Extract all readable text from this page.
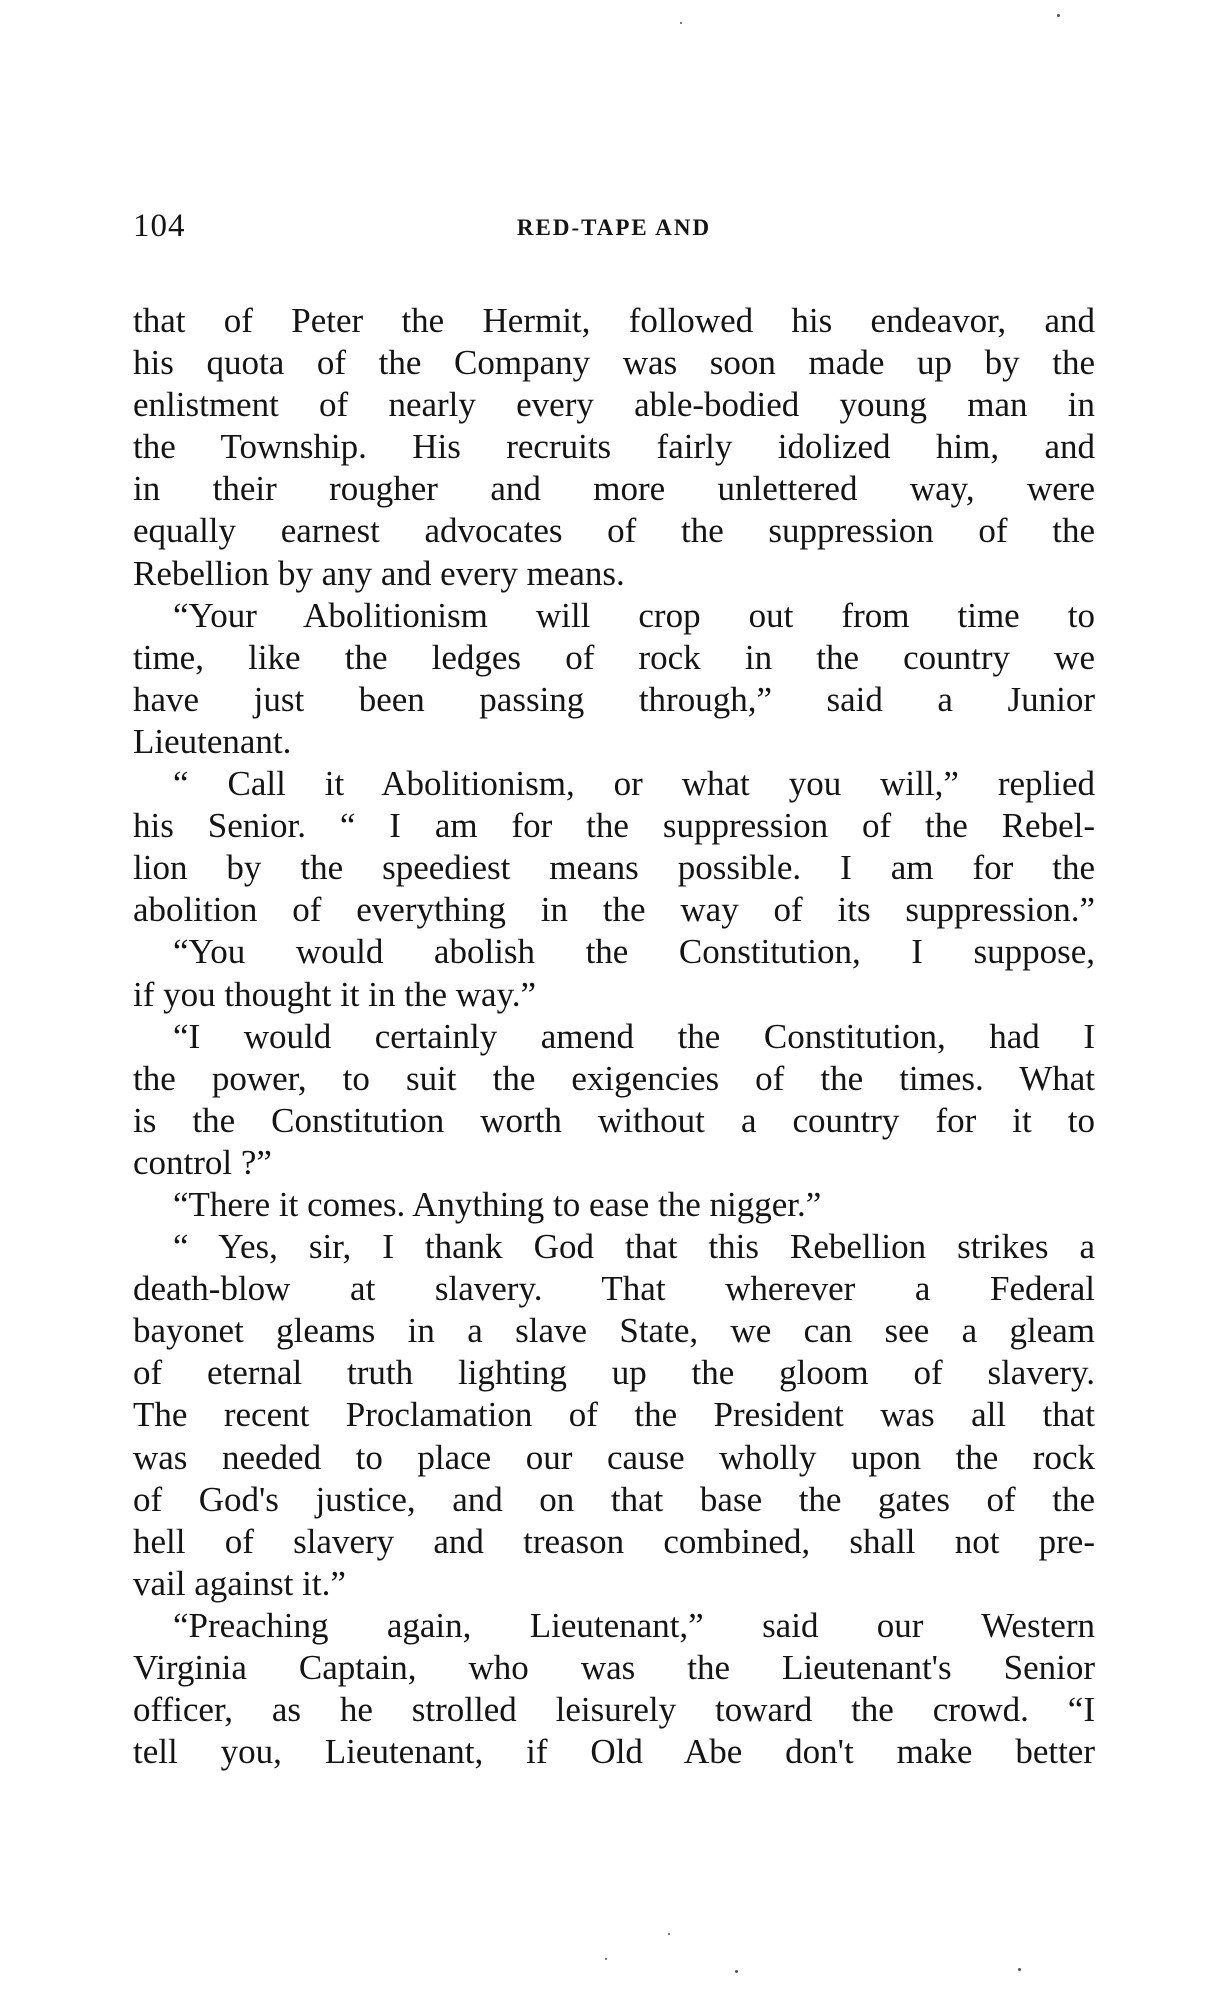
104	RED-TAPE AND
that of Peter the Hermit, followed his endeavor, and
his quota of the Company was soon made up by the
enlistment of nearly every able-bodied young man in
the Township. His recruits fairly idolized him, and
in their rougher and more unlettered way, were
equally earnest advocates of the suppression of the
Rebellion by any and every means.
“Your Abolitionism will crop out from time to
time, like the ledges of rock in the country we
have just been passing through,” said a Junior
Lieutenant.
“ Call it Abolitionism, or what you will,” replied
his Senior. “ I am for the suppression of the Rebel-
lion by the speediest means possible. I am for the
abolition of everything in the way of its suppression.”
“You would abolish the Constitution, I suppose,
if you thought it in the way.”
“I would certainly amend the Constitution, had I
the power, to suit the exigencies of the times. What
is the Constitution worth without a country for it to
control ?”
“There it comes. Anything to ease the nigger.”
“ Yes, sir, I thank God that this Rebellion strikes a
death-blow at slavery. That wherever a Federal
bayonet gleams in a slave State, we can see a gleam
of eternal truth lighting up the gloom of slavery.
The recent Proclamation of the President was all that
was needed to place our cause wholly upon the rock
of God's justice, and on that base the gates of the
hell of slavery and treason combined, shall not pre-
vail against it.”
“Preaching again, Lieutenant,” said our Western
Virginia Captain, who was the Lieutenant's Senior
officer, as he strolled leisurely toward the crowd. “I
tell you, Lieutenant, if Old Abe don't make better
